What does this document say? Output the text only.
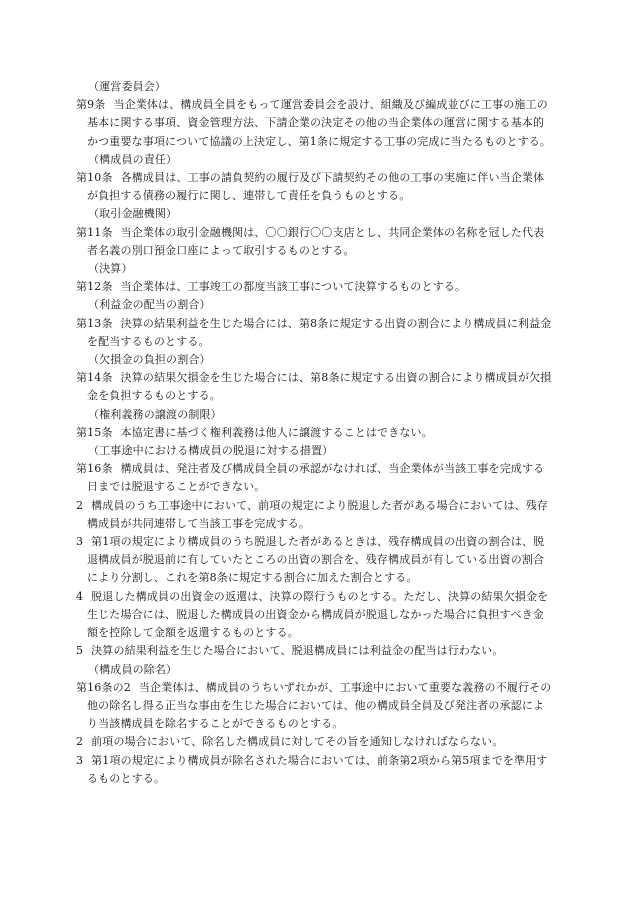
（運営委員会）
第9条 当企業体は、構成員全員をもって運営委員会を設け、組織及び編成並びに工事の施工の基本に関する事項、資金管理方法、下請企業の決定その他の当企業体の運営に関する基本的かつ重要な事項について協議の上決定し、第1条に規定する工事の完成に当たるものとする。
（構成員の責任）
第10条 各構成員は、工事の請負契約の履行及び下請契約その他の工事の実施に伴い当企業体が負担する債務の履行に関し、連帯して責任を負うものとする。
（取引金融機関）
第11条 当企業体の取引金融機関は、〇〇銀行〇〇支店とし、共同企業体の名称を冠した代表者名義の別口預金口座によって取引するものとする。
（決算）
第12条 当企業体は、工事竣工の都度当該工事について決算するものとする。
（利益金の配当の割合）
第13条 決算の結果利益を生じた場合には、第8条に規定する出資の割合により構成員に利益金を配当するものとする。
（欠損金の負担の割合）
第14条 決算の結果欠損金を生じた場合には、第8条に規定する出資の割合により構成員が欠損金を負担するものとする。
（権利義務の譲渡の制限）
第15条 本協定書に基づく権利義務は他人に譲渡することはできない。
（工事途中における構成員の脱退に対する措置）
第16条 構成員は、発注者及び構成員全員の承認がなければ、当企業体が当該工事を完成する日までは脱退することができない。
2 構成員のうち工事途中において、前項の規定により脱退した者がある場合においては、残存構成員が共同連帯して当該工事を完成する。
3 第1項の規定により構成員のうち脱退した者があるときは、残存構成員の出資の割合は、脱退構成員が脱退前に有していたところの出資の割合を、残存構成員が有している出資の割合により分割し、これを第8条に規定する割合に加えた割合とする。
4 脱退した構成員の出資金の返還は、決算の際行うものとする。ただし、決算の結果欠損金を生じた場合には、脱退した構成員の出資金から構成員が脱退しなかった場合に負担すべき金額を控除して金額を返還するものとする。
5 決算の結果利益を生じた場合において、脱退構成員には利益金の配当は行わない。
（構成員の除名）
第16条の2 当企業体は、構成員のうちいずれかが、工事途中において重要な義務の不履行その他の除名し得る正当な事由を生じた場合においては、他の構成員全員及び発注者の承認により当該構成員を除名することができるものとする。
2 前項の場合において、除名した構成員に対してその旨を通知しなければならない。
3 第1項の規定により構成員が除名された場合においては、前条第2項から第5項までを準用するものとする。
